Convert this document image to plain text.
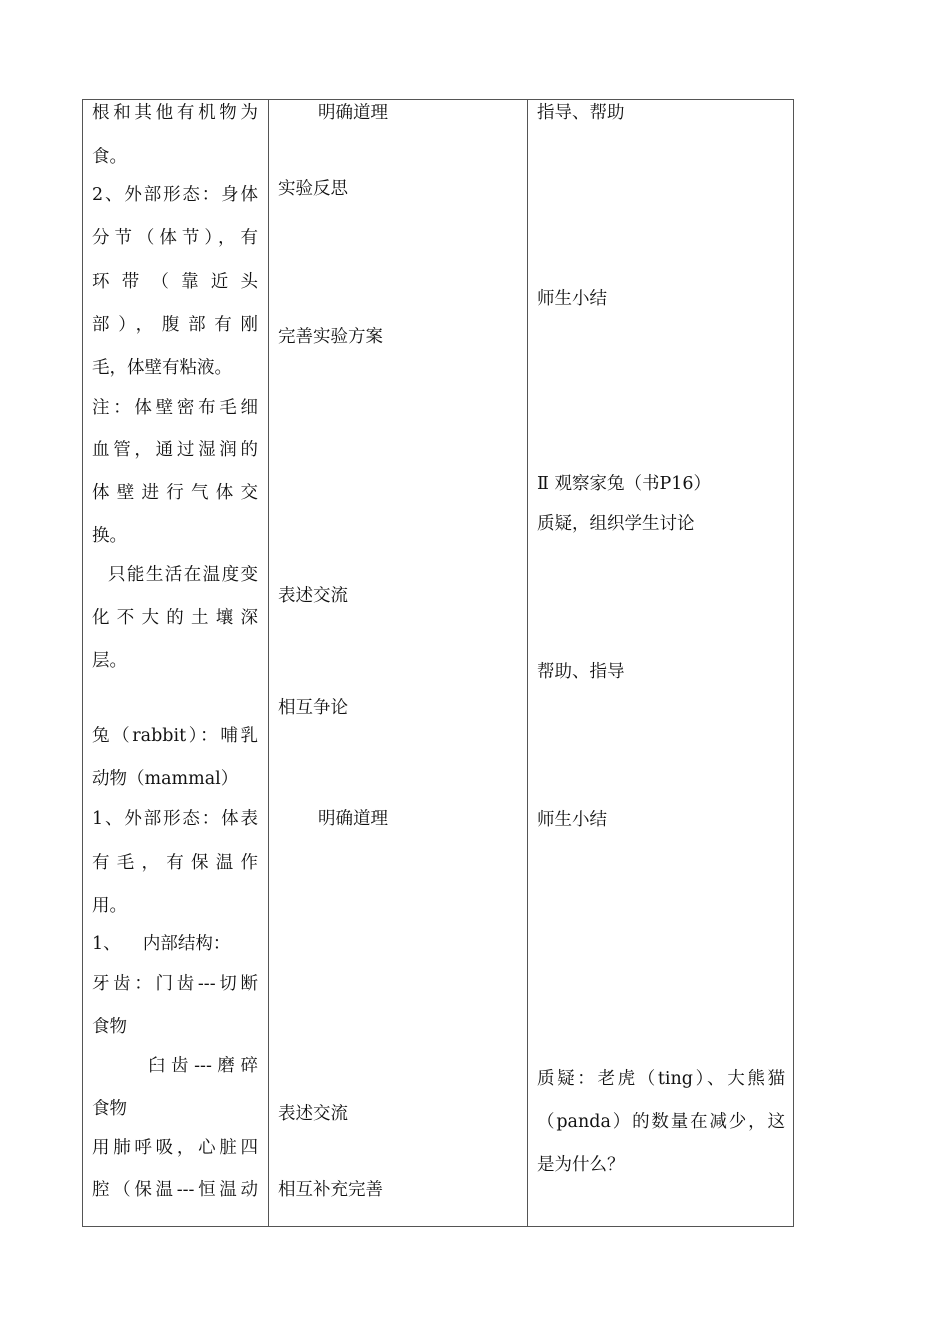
根和其他有机物为
食。
2、外部形态：身体
分节（体节），有
环带（靠近头
部），腹部有刚
毛，体壁有粘液。
注：体壁密布毛细
血管，通过湿润的
体壁进行气体交
换。
只能生活在温度变
化不大的土壤深
层。
兔（rabbit）：哺乳
动物（mammal）
1、外部形态：体表
有毛，有保温作
用。
1、    内部结构：
牙齿：门齿---切断
食物
臼齿---磨碎
食物
用肺呼吸，心脏四
腔（保温---恒温动
明确道理
实验反思
完善实验方案
表述交流
相互争论
明确道理
表述交流
相互补充完善
指导、帮助
师生小结
Ⅱ 观察家兔（书P16）
质疑，组织学生讨论
帮助、指导
师生小结
质疑：老虎（ting）、大熊猫
（panda）的数量在减少，这
是为什么？
